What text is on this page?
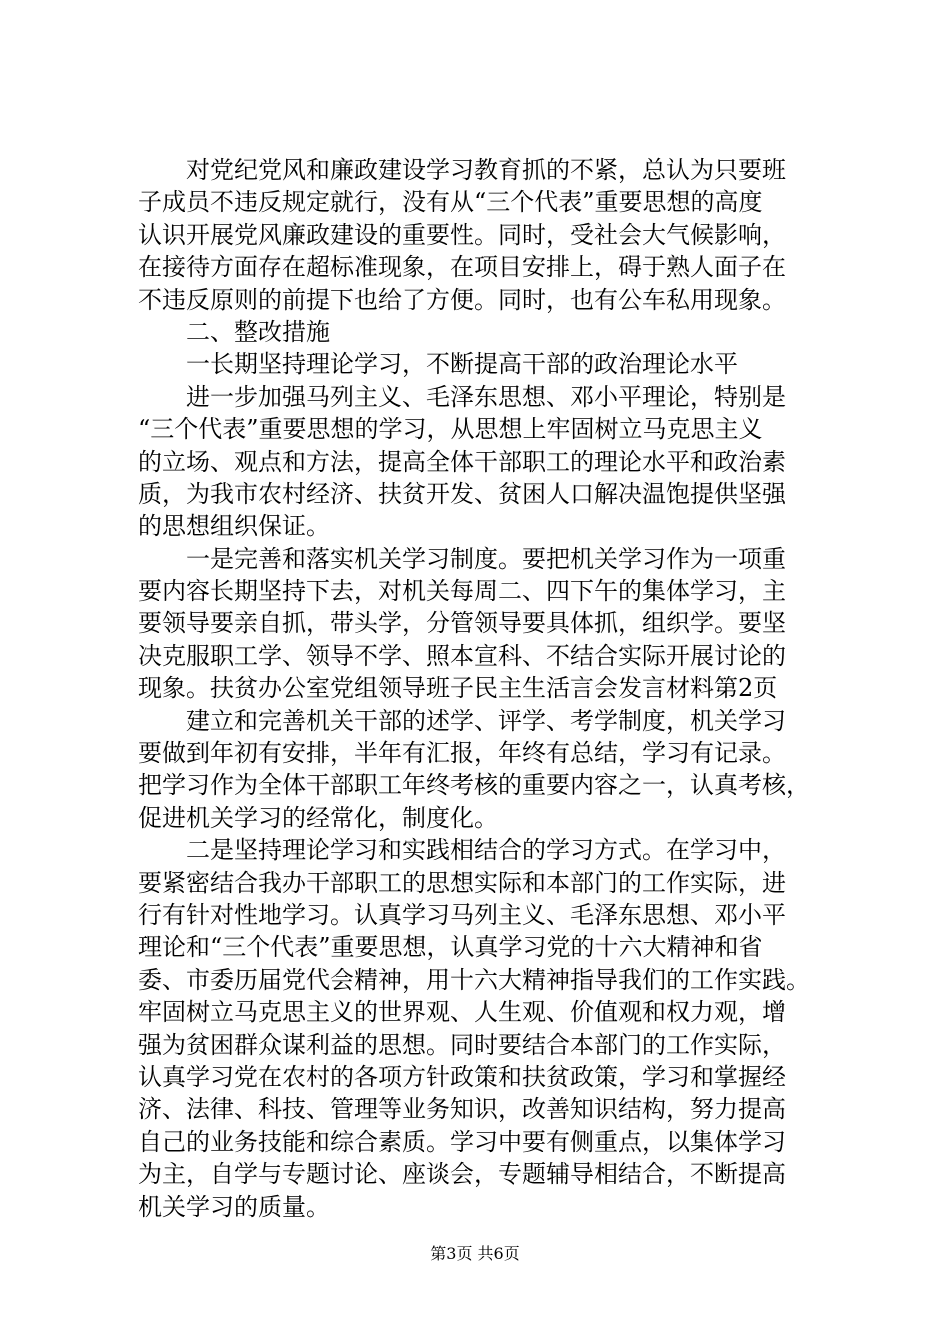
　　对党纪党风和廉政建设学习教育抓的不紧，总认为只要班
子成员不违反规定就行，没有从“三个代表”重要思想的高度
认识开展党风廉政建设的重要性。同时，受社会大气候影响，
在接待方面存在超标准现象，在项目安排上，碍于熟人面子在
不违反原则的前提下也给了方便。同时，也有公车私用现象。
　　二、整改措施
　　一长期坚持理论学习，不断提高干部的政治理论水平
　　进一步加强马列主义、毛泽东思想、邓小平理论，特别是
“三个代表”重要思想的学习，从思想上牢固树立马克思主义
的立场、观点和方法，提高全体干部职工的理论水平和政治素
质，为我市农村经济、扶贫开发、贫困人口解决温饱提供坚强
的思想组织保证。
　　一是完善和落实机关学习制度。要把机关学习作为一项重
要内容长期坚持下去，对机关每周二、四下午的集体学习，主
要领导要亲自抓，带头学，分管领导要具体抓，组织学。要坚
决克服职工学、领导不学、照本宣科、不结合实际开展讨论的
现象。扶贫办公室党组领导班子民主生活言会发言材料第2页
　　建立和完善机关干部的述学、评学、考学制度，机关学习
要做到年初有安排，半年有汇报，年终有总结，学习有记录。
把学习作为全体干部职工年终考核的重要内容之一，认真考核，
促进机关学习的经常化，制度化。
　　二是坚持理论学习和实践相结合的学习方式。在学习中，
要紧密结合我办干部职工的思想实际和本部门的工作实际，进
行有针对性地学习。认真学习马列主义、毛泽东思想、邓小平
理论和“三个代表”重要思想，认真学习党的十六大精神和省
委、市委历届党代会精神，用十六大精神指导我们的工作实践。
牢固树立马克思主义的世界观、人生观、价值观和权力观，增
强为贫困群众谋利益的思想。同时要结合本部门的工作实际，
认真学习党在农村的各项方针政策和扶贫政策，学习和掌握经
济、法律、科技、管理等业务知识，改善知识结构，努力提高
自己的业务技能和综合素质。学习中要有侧重点，以集体学习
为主，自学与专题讨论、座谈会，专题辅导相结合，不断提高
机关学习的质量。
第3页 共6页
